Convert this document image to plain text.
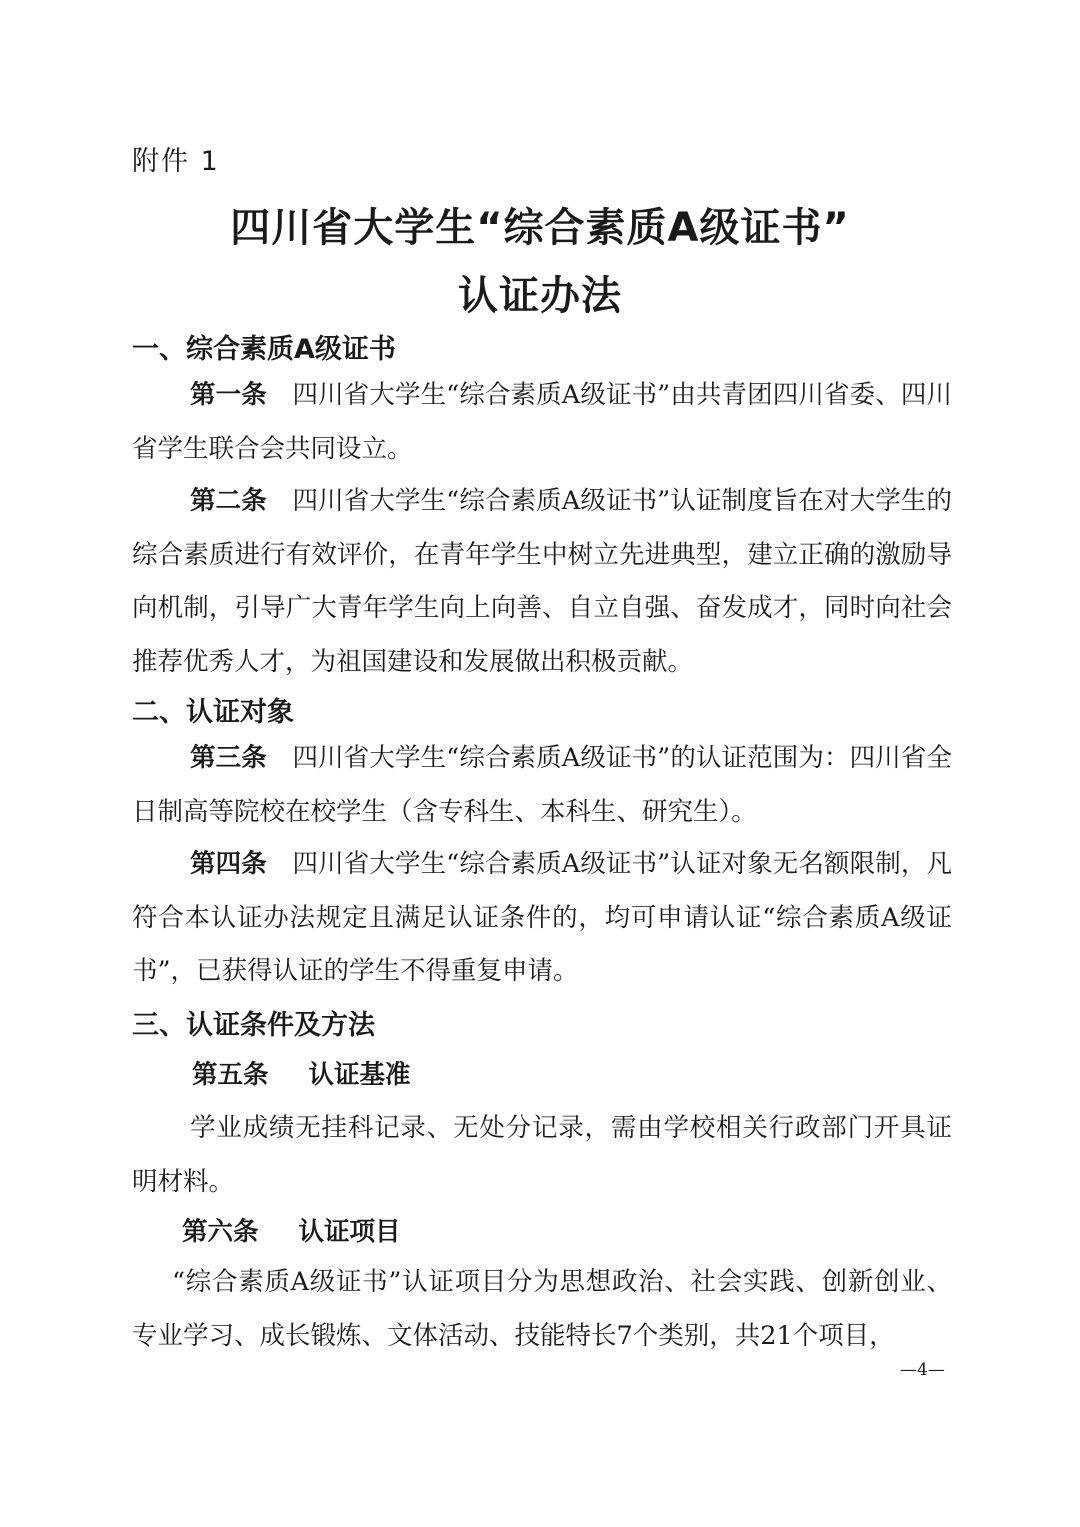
附件 1
四川省大学生“综合素质A级证书”
认证办法
一、综合素质A级证书
第一条　 四川省大学生“综合素质A级证书”由共青团四川省委、四川省学生联合会共同设立。
第二条　 四川省大学生“综合素质A级证书”认证制度旨在对大学生的综合素质进行有效评价，在青年学生中树立先进典型，建立正确的激励导向机制，引导广大青年学生向上向善、自立自强、奋发成才，同时向社会推荐优秀人才，为祖国建设和发展做出积极贡献。
二、认证对象
第三条　 四川省大学生“综合素质A级证书”的认证范围为：四川省全日制高等院校在校学生（含专科生、本科生、研究生）。
第四条　 四川省大学生“综合素质A级证书”认证对象无名额限制，凡符合本认证办法规定且满足认证条件的，均可申请认证“综合素质A级证书”，已获得认证的学生不得重复申请。
三、认证条件及方法
第五条 认证基准
学业成绩无挂科记录、无处分记录，需由学校相关行政部门开具证明材料。
第六条 认证项目
“综合素质A级证书”认证项目分为思想政治、社会实践、创新创业、专业学习、成长锻炼、文体活动、技能特长7个类别，共21个项目，
—4—
